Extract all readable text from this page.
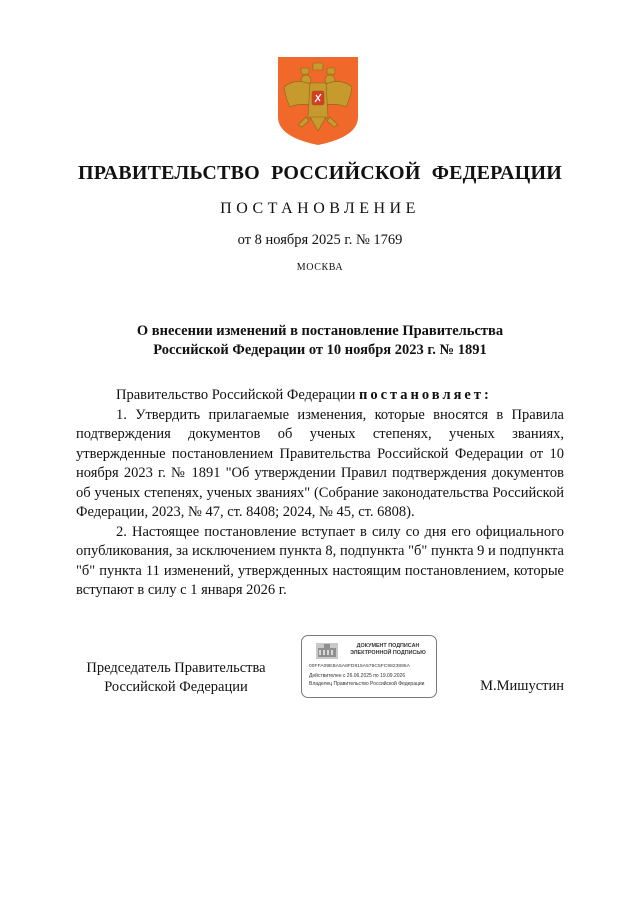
ПРАВИТЕЛЬСТВО РОССИЙСКОЙ ФЕДЕРАЦИИ
ПОСТАНОВЛЕНИЕ
от 8 ноября 2025 г. № 1769
МОСКВА
О внесении изменений в постановление Правительства
Российской Федерации от 10 ноября 2023 г. № 1891

Правительство Российской Федерации постановляет:

1. Утвердить прилагаемые изменения, которые вносятся в Правила подтверждения документов об ученых степенях, ученых званиях, утвержденные постановлением Правительства Российской Федерации от 10 ноября 2023 г. № 1891 "Об утверждении Правил подтверждения документов об ученых степенях, ученых званиях" (Собрание законодательства Российской Федерации, 2023, № 47, ст. 8408; 2024, № 45, ст. 6808).

2. Настоящее постановление вступает в силу со дня его официального опубликования, за исключением пункта 8, подпункта "б" пункта 9 и подпункта "б" пункта 11 изменений, утвержденных настоящим постановлением, которые вступают в силу с 1 января 2026 г.

Председатель Правительства
Российской Федерации
ДОКУМЕНТ ПОДПИСАН
ЭЛЕКТРОННОЙ ПОДПИСЬЮ
00FFA09EBA5A8FD915A579C5FC9823895A
Действителен с 26.06.2025 по 19.09.2026
Владелец Правительство Российской Федерации	М.Мишустин
